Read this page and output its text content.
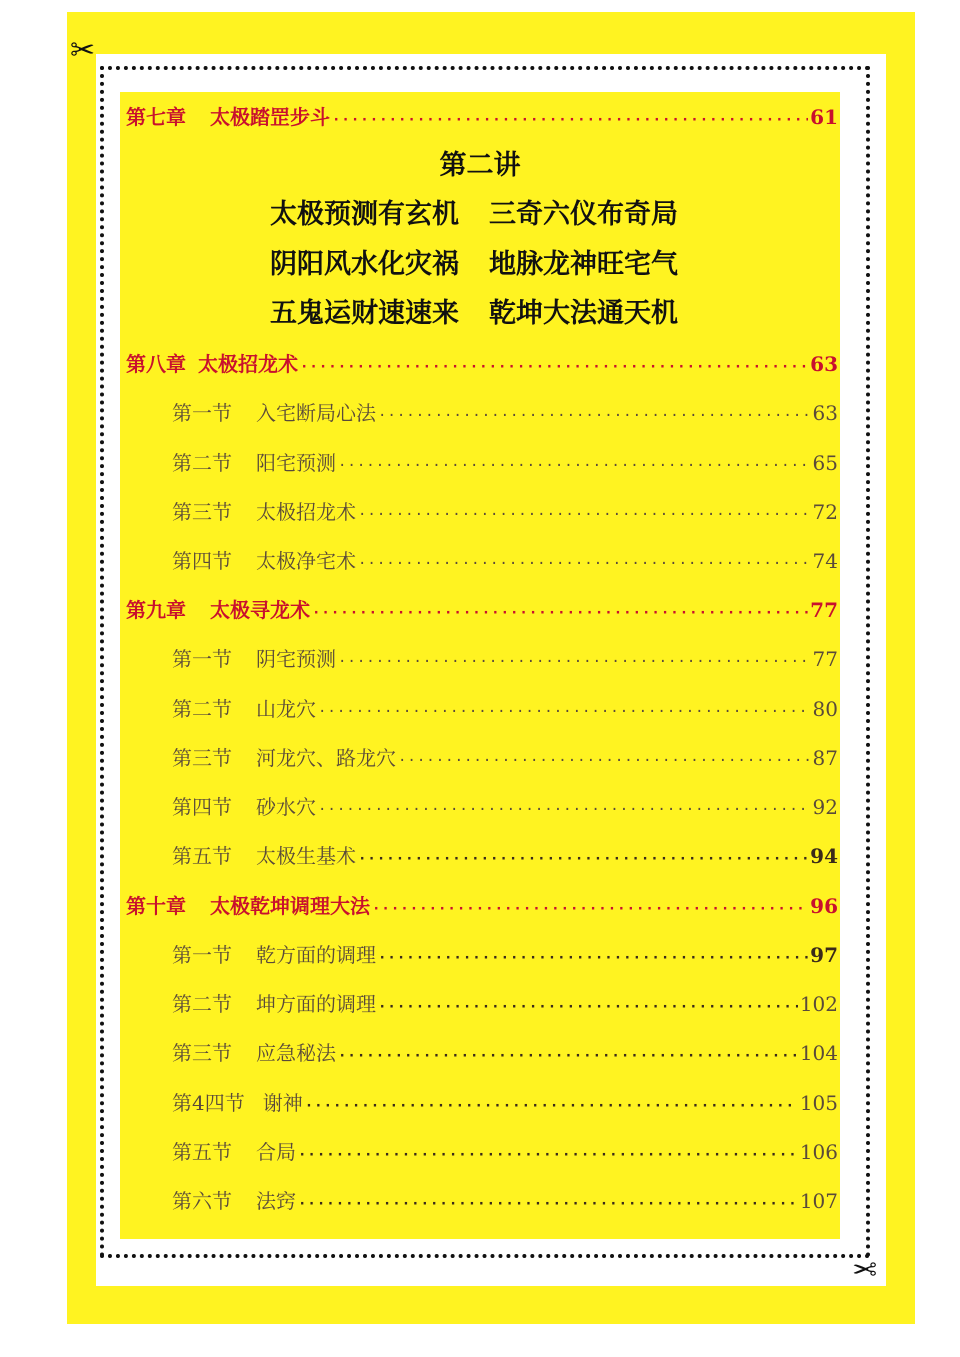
✂
✂
第七章 太极踏罡步斗 ·····	61
第二讲
太极预测有玄机 三奇六仪布奇局
阴阳风水化灾祸 地脉龙神旺宅气
五鬼运财速速来 乾坤大法通天机
第八章 太极招龙术 ·····	63
第一节 入宅断局心法 ·····	63
第二节 阳宅预测 ·····	65
第三节 太极招龙术 ·····	72
第四节 太极净宅术 ·····	74
第九章 太极寻龙术 ·····	77
第一节 阴宅预测 ·····	77
第二节 山龙穴 ·····	80
第三节 河龙穴、路龙穴 ·····	87
第四节 砂水穴 ·····	92
第五节 太极生基术 ·····	94
第十章 太极乾坤调理大法 ·····	96
第一节 乾方面的调理 ·····	97
第二节 坤方面的调理 ·····	102
第三节 应急秘法 ·····	104
第4四节 谢神 ·····	105
第五节 合局 ·····	106
第六节 法窍 ·····	107
